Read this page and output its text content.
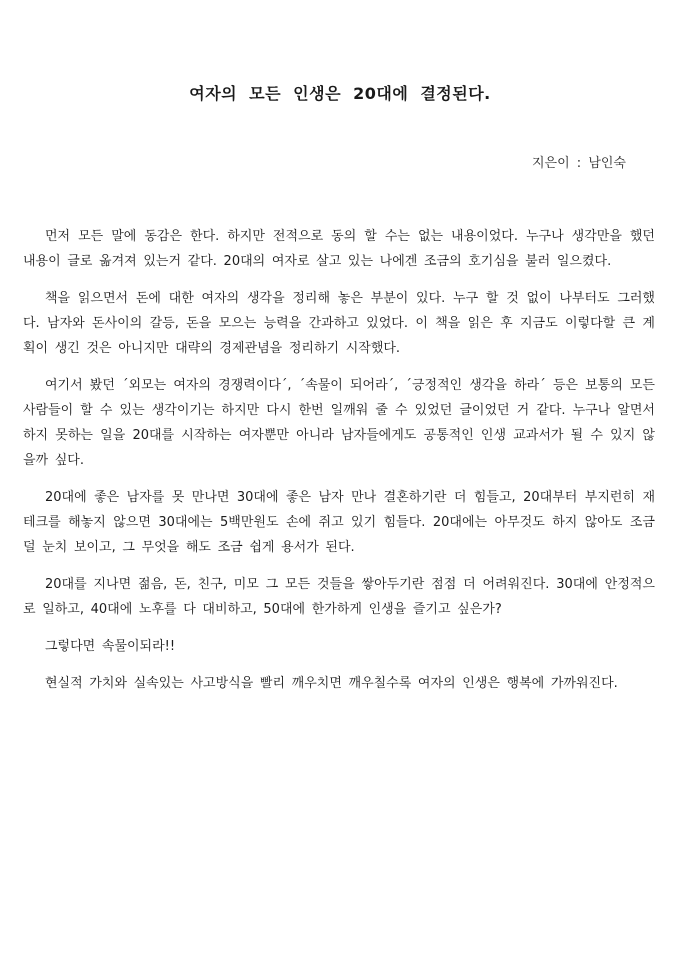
여자의 모든 인생은 20대에 결정된다.
지은이 : 남인숙

먼저 모든 말에 동감은 한다. 하지만 전적으로 동의 할 수는 없는 내용이었다. 누구나 생각만을 했던 내용이 글로 옮겨져 있는거 같다. 20대의 여자로 살고 있는 나에겐 조금의 호기심을 불러 일으켰다.

책을 읽으면서 돈에 대한 여자의 생각을 정리해 놓은 부분이 있다. 누구 할 것 없이 나부터도 그러했다. 남자와 돈사이의 갈등, 돈을 모으는 능력을 간과하고 있었다. 이 책을 읽은 후 지금도 이렇다할 큰 계획이 생긴 것은 아니지만 대략의 경제관념을 정리하기 시작했다.

여기서 봤던 ´외모는 여자의 경쟁력이다´, ´속물이 되어라´, ´긍정적인 생각을 하라´ 등은 보통의 모든 사람들이 할 수 있는 생각이기는 하지만 다시 한번 일깨워 줄 수 있었던 글이었던 거 같다. 누구나 알면서 하지 못하는 일을 20대를 시작하는 여자뿐만 아니라 남자들에게도 공통적인 인생 교과서가 될 수 있지 않을까 싶다.

20대에 좋은 남자를 못 만나면 30대에 좋은 남자 만나 결혼하기란 더 힘들고, 20대부터 부지런히 재테크를 해놓지 않으면 30대에는 5백만원도 손에 쥐고 있기 힘들다. 20대에는 아무것도 하지 않아도 조금 덜 눈치 보이고, 그 무엇을 해도 조금 쉽게 용서가 된다.

20대를 지나면 젊음, 돈, 친구, 미모 그 모든 것들을 쌓아두기란 점점 더 어려워진다. 30대에 안정적으로 일하고, 40대에 노후를 다 대비하고, 50대에 한가하게 인생을 즐기고 싶은가?

그렇다면 속물이되라!!

현실적 가치와 실속있는 사고방식을 빨리 깨우치면 깨우칠수록 여자의 인생은 행복에 가까워진다.
